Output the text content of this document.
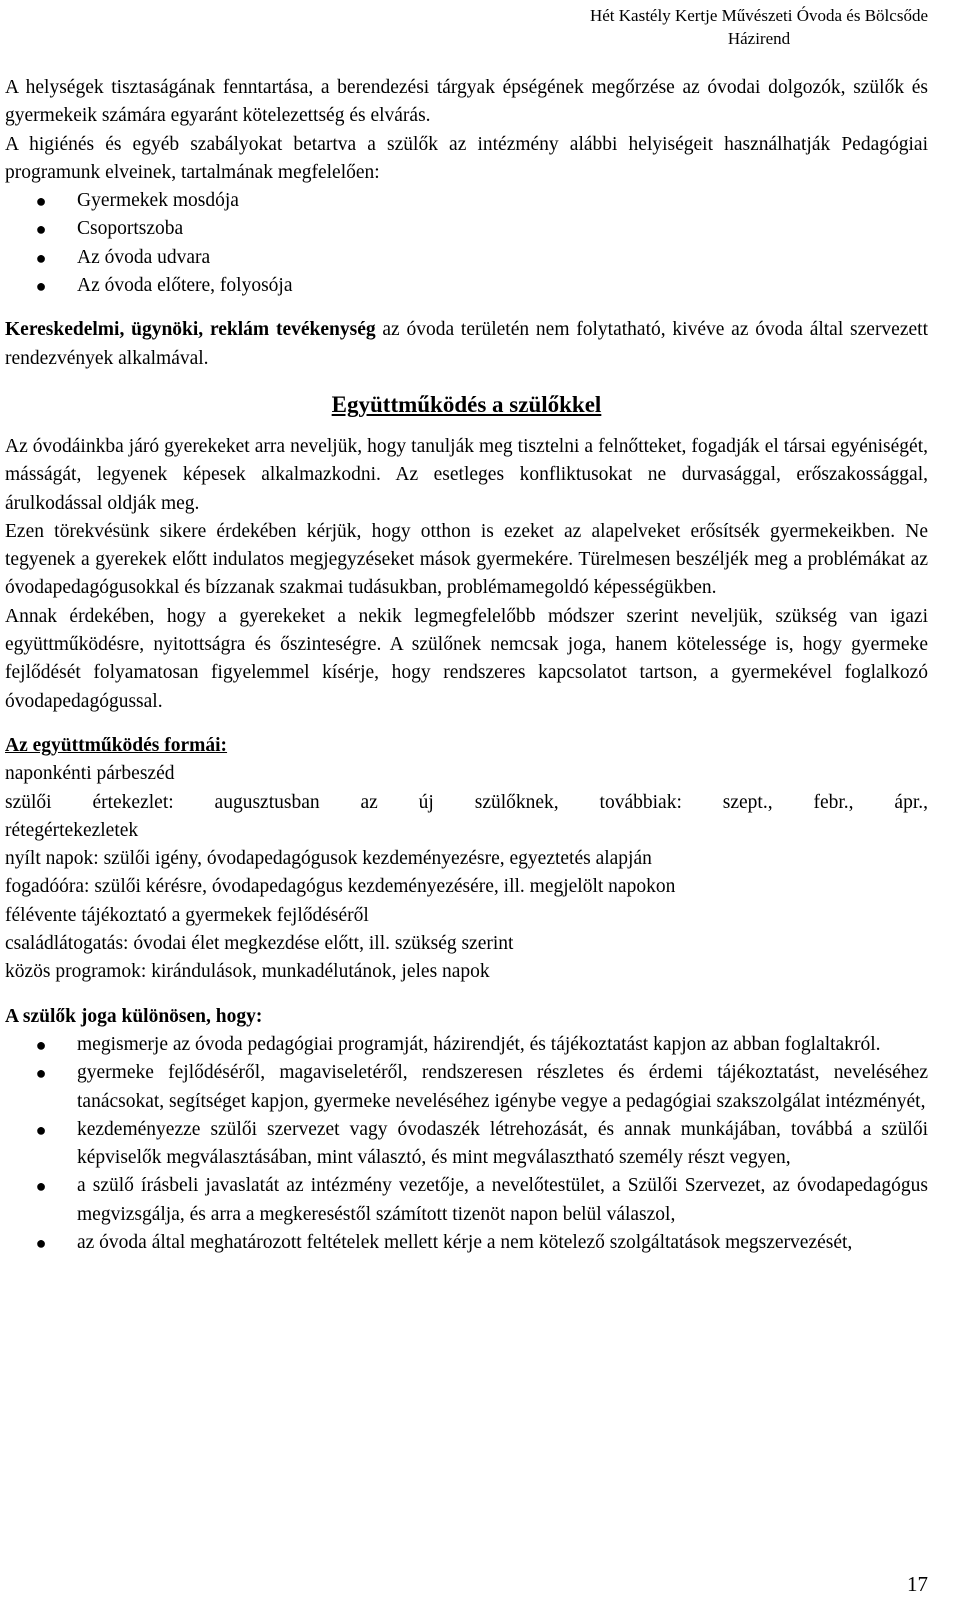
Hét Kastély Kertje Művészeti Óvoda és Bölcsőde
Házirend

A helységek tisztaságának fenntartása, a berendezési tárgyak épségének megőrzése az óvodai dolgozók, szülők és gyermekeik számára egyaránt kötelezettség és elvárás.

A higiénés és egyéb szabályokat betartva a szülők az intézmény alábbi helyiségeit használhatják Pedagógiai programunk elveinek, tartalmának megfelelően:

● Gyermekek mosdója
● Csoportszoba
● Az óvoda udvara
● Az óvoda előtere, folyosója

Kereskedelmi, ügynöki, reklám tevékenység az óvoda területén nem folytatható, kivéve az óvoda által szervezett rendezvények alkalmával.

Együttműködés a szülőkkel

Az óvodáinkba járó gyerekeket arra neveljük, hogy tanulják meg tisztelni a felnőtteket, fogadják el társai egyéniségét, másságát, legyenek képesek alkalmazkodni. Az esetleges konfliktusokat ne durvasággal, erőszakossággal, árulkodással oldják meg.

Ezen törekvésünk sikere érdekében kérjük, hogy otthon is ezeket az alapelveket erősítsék gyermekeikben. Ne tegyenek a gyerekek előtt indulatos megjegyzéseket mások gyermekére. Türelmesen beszéljék meg a problémákat az óvodapedagógusokkal és bízzanak szakmai tudásukban, problémamegoldó képességükben.

Annak érdekében, hogy a gyerekeket a nekik legmegfelelőbb módszer szerint neveljük, szükség van igazi együttműködésre, nyitottságra és őszinteségre. A szülőnek nemcsak joga, hanem kötelessége is, hogy gyermeke fejlődését folyamatosan figyelemmel kísérje, hogy rendszeres kapcsolatot tartson, a gyermekével foglalkozó óvodapedagógussal.

Az együttműködés formái:
naponkénti párbeszéd

szülői értekezlet: augusztusban az új szülőknek, továbbiak: szept., febr., ápr.,

rétegértekezletek
nyílt napok: szülői igény, óvodapedagógusok kezdeményezésre, egyeztetés alapján
fogadóóra: szülői kérésre, óvodapedagógus kezdeményezésére, ill. megjelölt napokon
félévente tájékoztató a gyermekek fejlődéséről
családlátogatás: óvodai élet megkezdése előtt, ill. szükség szerint
közös programok: kirándulások, munkadélutánok, jeles napok
A szülők joga különösen, hogy:
● megismerje az óvoda pedagógiai programját, házirendjét, és tájékoztatást kapjon az abban foglaltakról.
● gyermeke fejlődéséről, magaviseletéről, rendszeresen részletes és érdemi tájékoztatást, neveléséhez tanácsokat, segítséget kapjon, gyermeke neveléséhez igénybe vegye a pedagógiai szakszolgálat intézményét,
● kezdeményezze szülői szervezet vagy óvodaszék létrehozását, és annak munkájában, továbbá a szülői képviselők megválasztásában, mint választó, és mint megválasztható személy részt vegyen,
● a szülő írásbeli javaslatát az intézmény vezetője, a nevelőtestület, a Szülői Szervezet, az óvodapedagógus megvizsgálja, és arra a megkereséstől számított tizenöt napon belül válaszol,
● az óvoda által meghatározott feltételek mellett kérje a nem kötelező szolgáltatások megszervezését,
17
